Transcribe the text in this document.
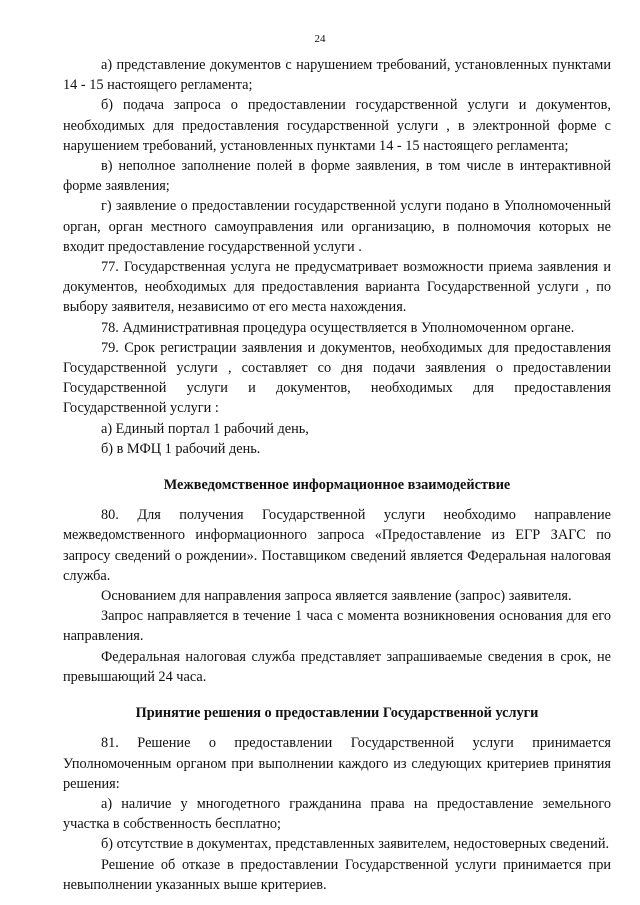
24

а) представление документов с нарушением требований, установленных пунктами 14 - 15 настоящего регламента;

б) подача запроса о предоставлении государственной услуги и документов, необходимых для предоставления государственной услуги , в электронной форме с нарушением требований, установленных пунктами 14 - 15 настоящего регламента;

в) неполное заполнение полей в форме заявления, в том числе в интерактивной форме заявления;

г) заявление о предоставлении государственной услуги подано в Уполномоченный орган, орган местного самоуправления или организацию, в полномочия которых не входит предоставление государственной услуги .

77. Государственная услуга не предусматривает возможности приема заявления и документов, необходимых для предоставления варианта Государственной услуги , по выбору заявителя, независимо от его места нахождения.

78. Административная процедура осуществляется в Уполномоченном органе.

79. Срок регистрации заявления и документов, необходимых для предоставления Государственной услуги , составляет со дня подачи заявления о предоставлении Государственной услуги и документов, необходимых для предоставления Государственной услуги :

а) Единый портал 1 рабочий день,

б) в МФЦ 1 рабочий день.

Межведомственное информационное взаимодействие

80. Для получения Государственной услуги необходимо направление межведомственного информационного запроса «Предоставление из ЕГР ЗАГС по запросу сведений о рождении». Поставщиком сведений является Федеральная налоговая служба.

Основанием для направления запроса является заявление (запрос) заявителя.

Запрос направляется в течение 1 часа с момента возникновения основания для его направления.

Федеральная налоговая служба представляет запрашиваемые сведения в срок, не превышающий 24 часа.

Принятие решения о предоставлении Государственной услуги

81. Решение о предоставлении Государственной услуги принимается Уполномоченным органом при выполнении каждого из следующих критериев принятия решения:

а) наличие у многодетного гражданина права на предоставление земельного участка в собственность бесплатно;

б) отсутствие в документах, представленных заявителем, недостоверных сведений.

Решение об отказе в предоставлении Государственной услуги принимается при невыполнении указанных выше критериев.
